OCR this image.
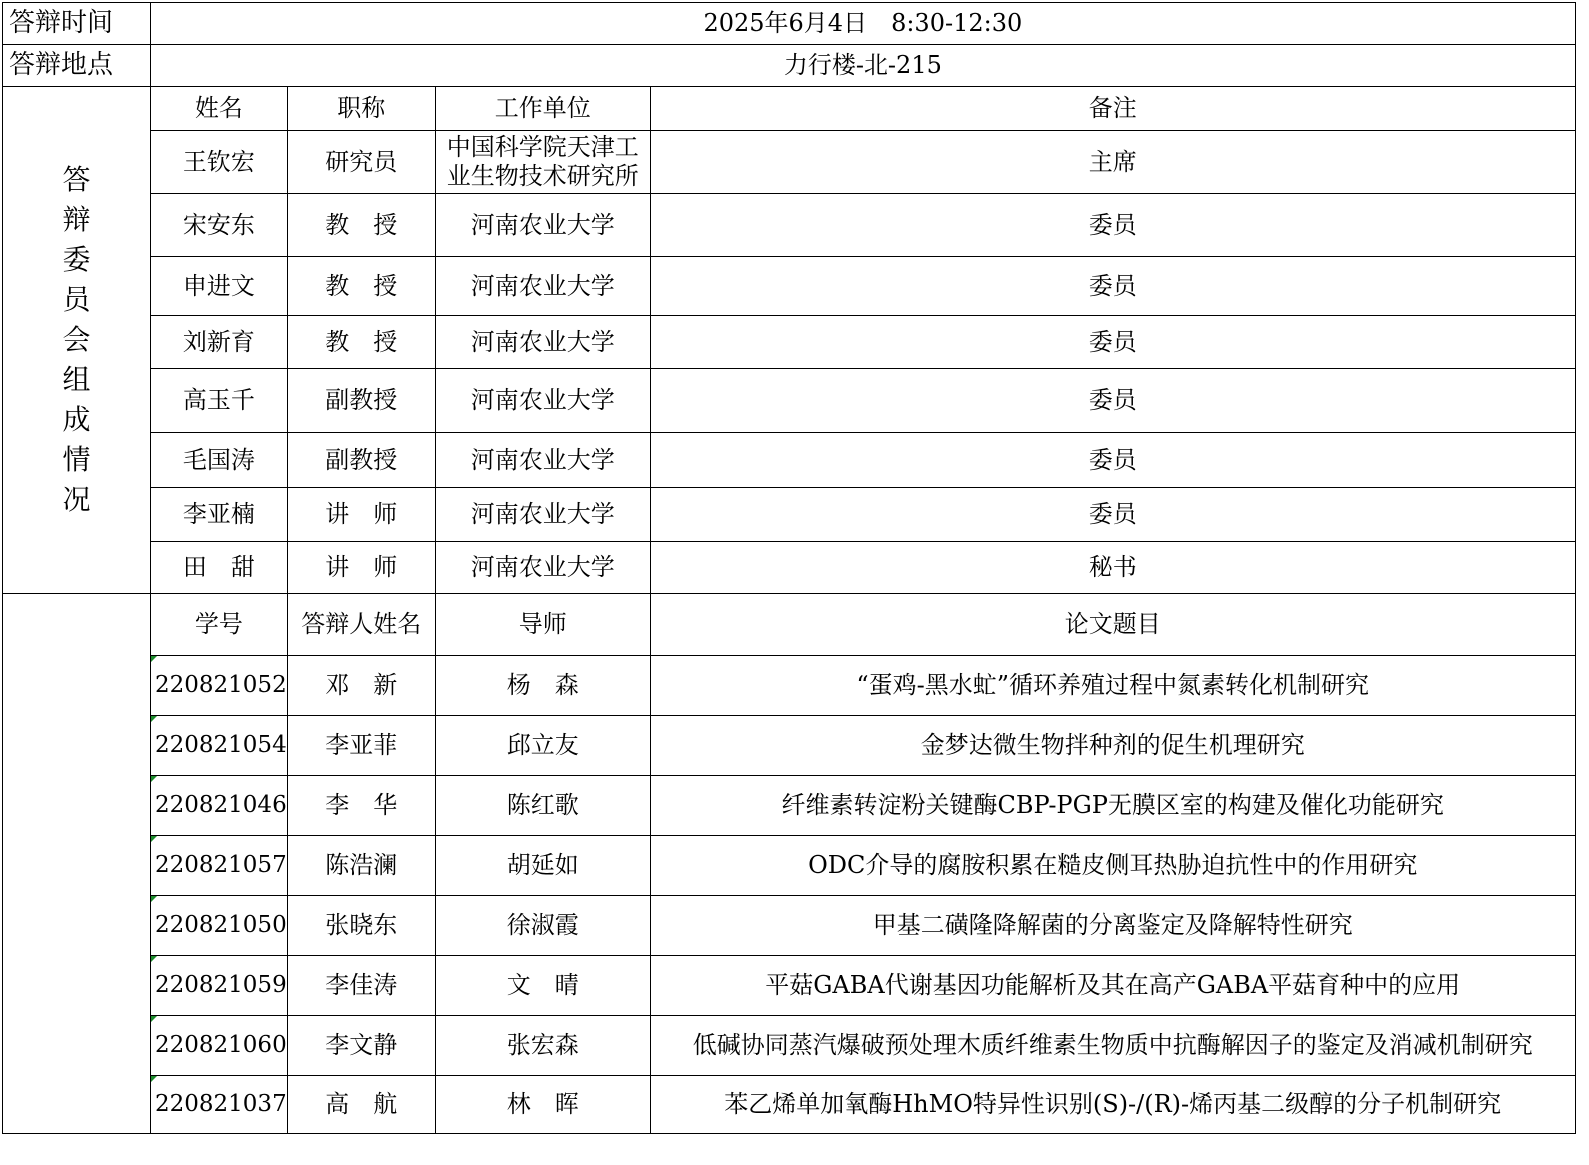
答辩时间	2025年6月4日　8:30-12:30			
答辩地点	力行楼-北-215			
答辩委员会组成情况	姓名	职称	工作单位	备注
	王钦宏	研究员	中国科学院天津工业生物技术研究所	主席
	宋安东	教　授	河南农业大学	委员
	申进文	教　授	河南农业大学	委员
	刘新育	教　授	河南农业大学	委员
	高玉千	副教授	河南农业大学	委员
	毛国涛	副教授	河南农业大学	委员
	李亚楠	讲　师	河南农业大学	委员
	田　甜	讲　师	河南农业大学	秘书
	学号	答辩人姓名	导师	论文题目
	220821052	邓　新	杨　森	“蛋鸡-黑水虻”循环养殖过程中氮素转化机制研究
	220821054	李亚菲	邱立友	金梦达微生物拌种剂的促生机理研究
	220821046	李　华	陈红歌	纤维素转淀粉关键酶CBP-PGP无膜区室的构建及催化功能研究
	220821057	陈浩澜	胡延如	ODC介导的腐胺积累在糙皮侧耳热胁迫抗性中的作用研究
	220821050	张晓东	徐淑霞	甲基二磺隆降解菌的分离鉴定及降解特性研究
	220821059	李佳涛	文　晴	平菇GABA代谢基因功能解析及其在高产GABA平菇育种中的应用
	220821060	李文静	张宏森	低碱协同蒸汽爆破预处理木质纤维素生物质中抗酶解因子的鉴定及消减机制研究
	220821037	高　航	林　晖	苯乙烯单加氧酶HhMO特异性识别(S)-/(R)-烯丙基二级醇的分子机制研究
